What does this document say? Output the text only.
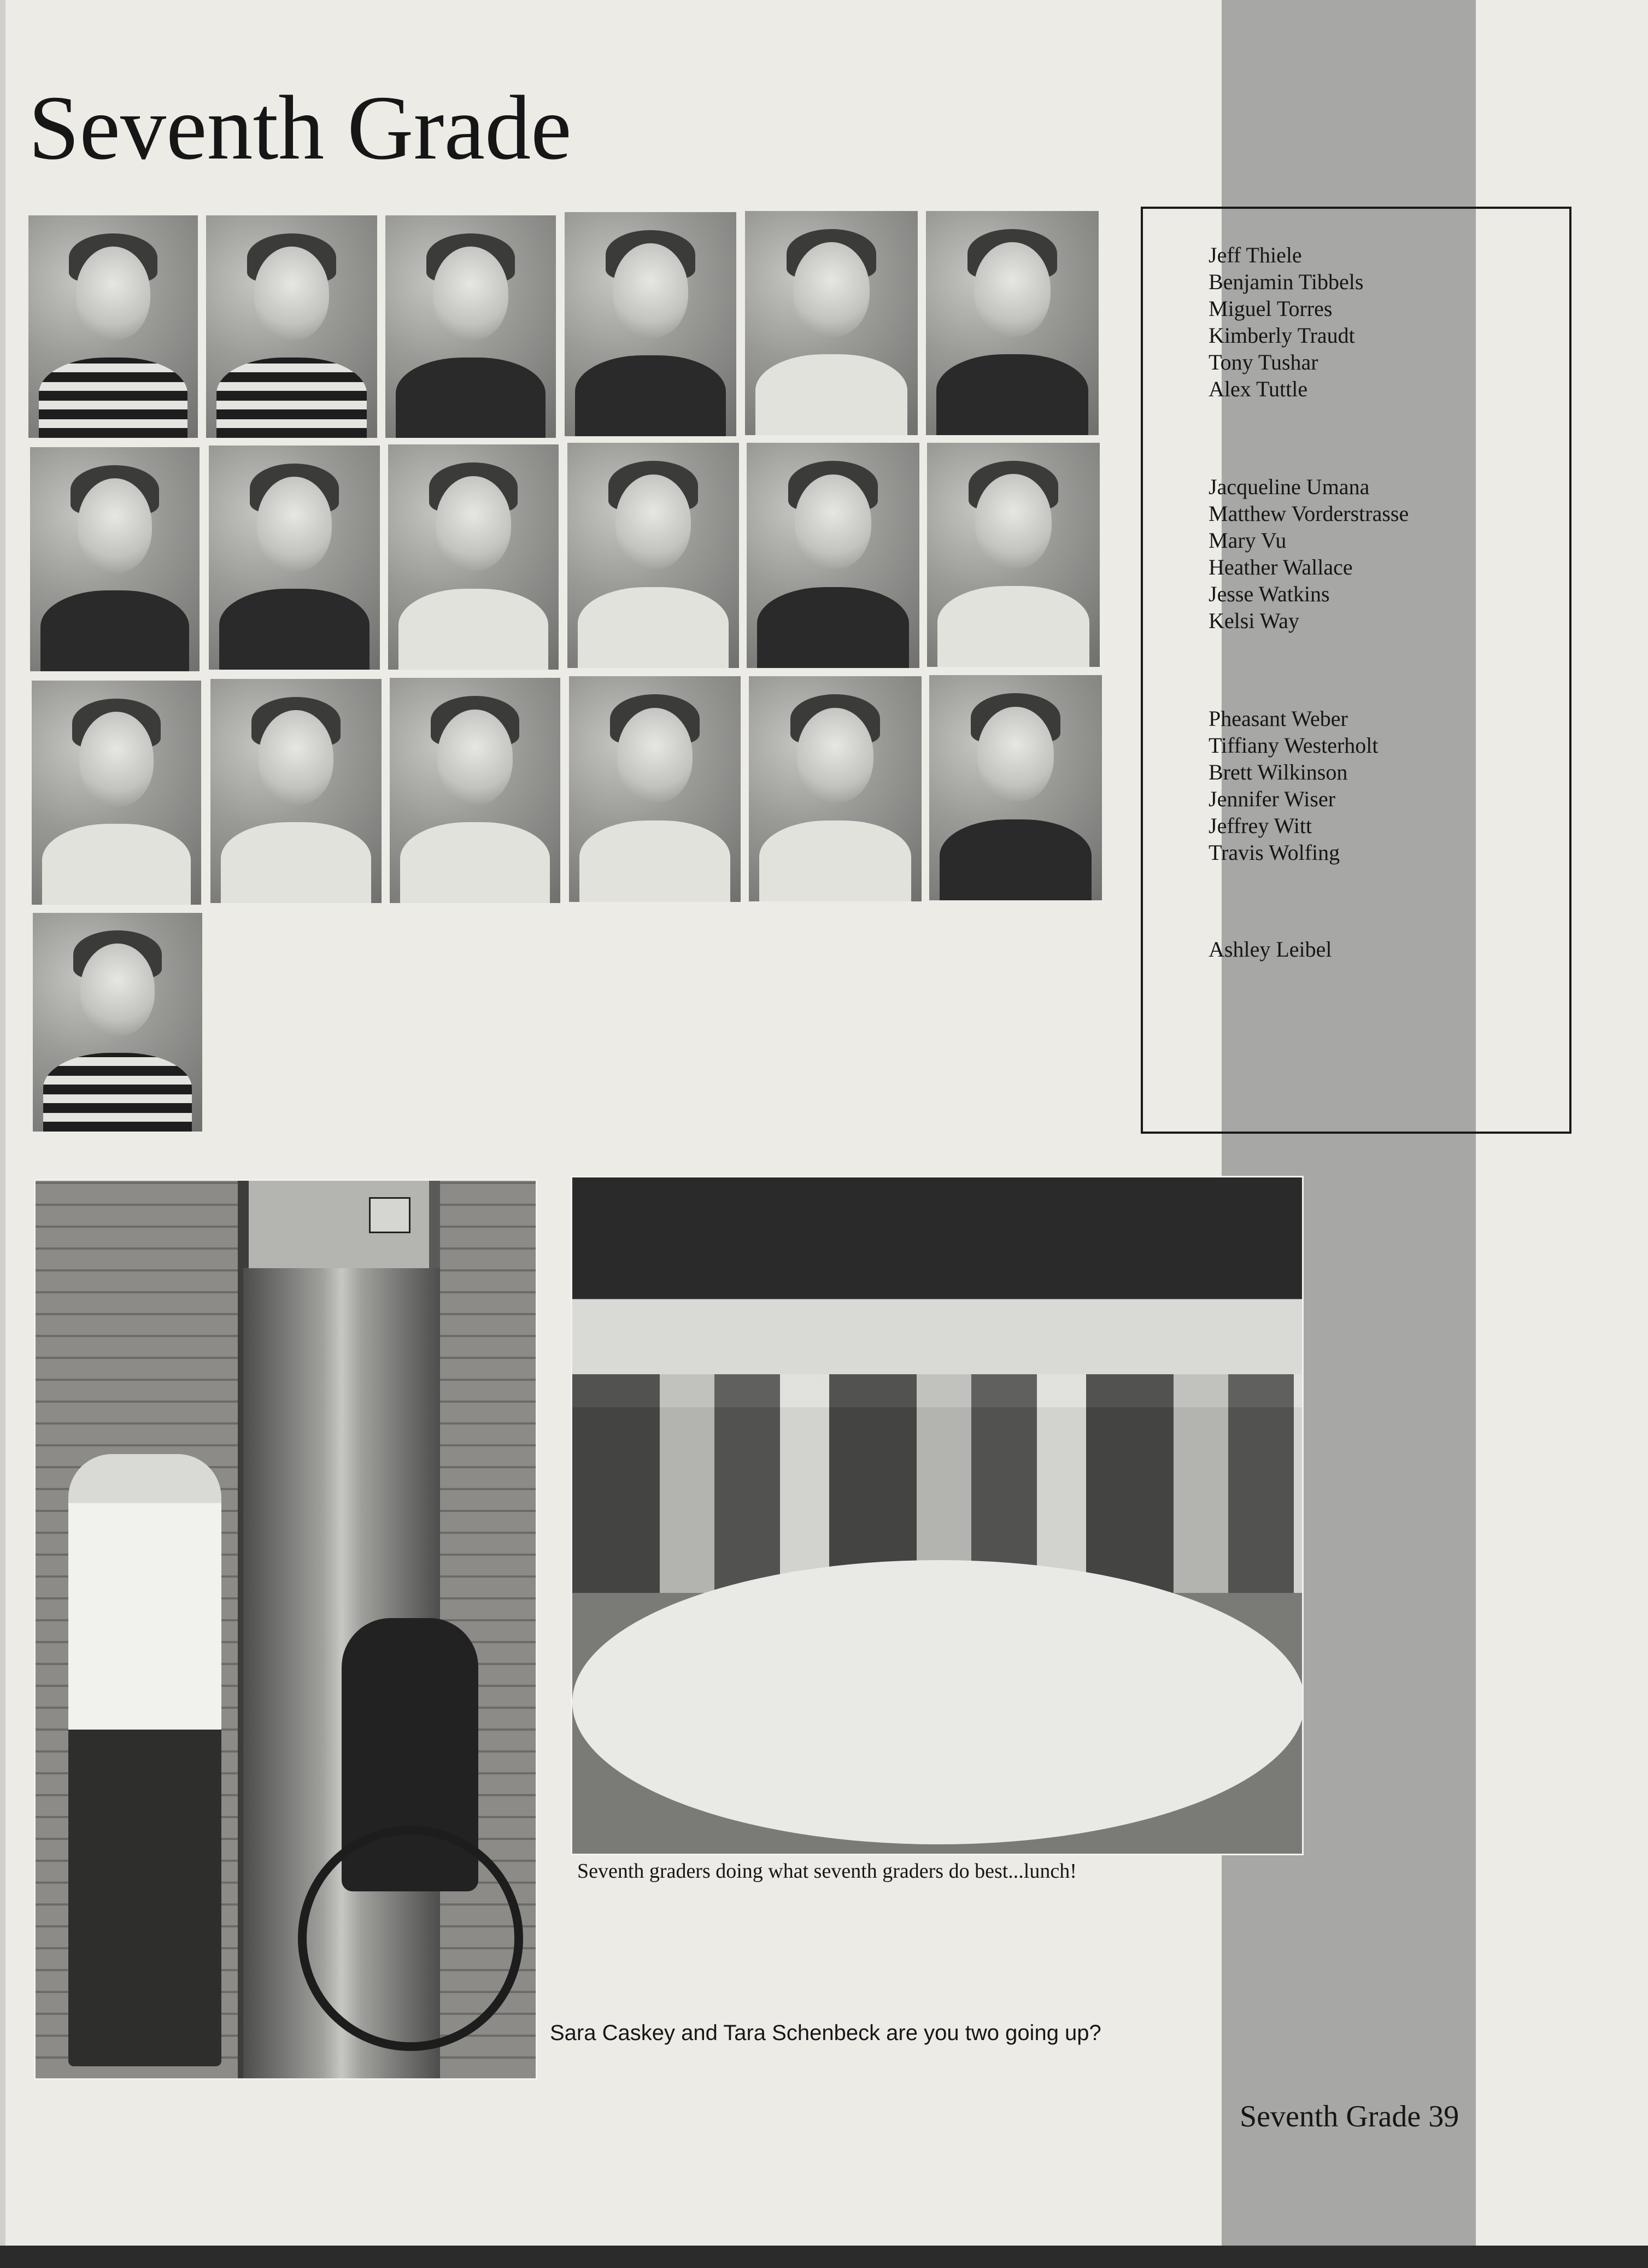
Seventh Grade
Jeff Thiele
Benjamin Tibbels
Miguel Torres
Kimberly Traudt
Tony Tushar
Alex Tuttle
Jacqueline Umana
Matthew Vorderstrasse
Mary Vu
Heather Wallace
Jesse Watkins
Kelsi Way
Pheasant Weber
Tiffiany Westerholt
Brett Wilkinson
Jennifer Wiser
Jeffrey Witt
Travis Wolfing
Ashley Leibel

Seventh graders doing what seventh graders do best...lunch!

Sara Caskey and Tara Schenbeck are you two going up?

Seventh Grade 39
